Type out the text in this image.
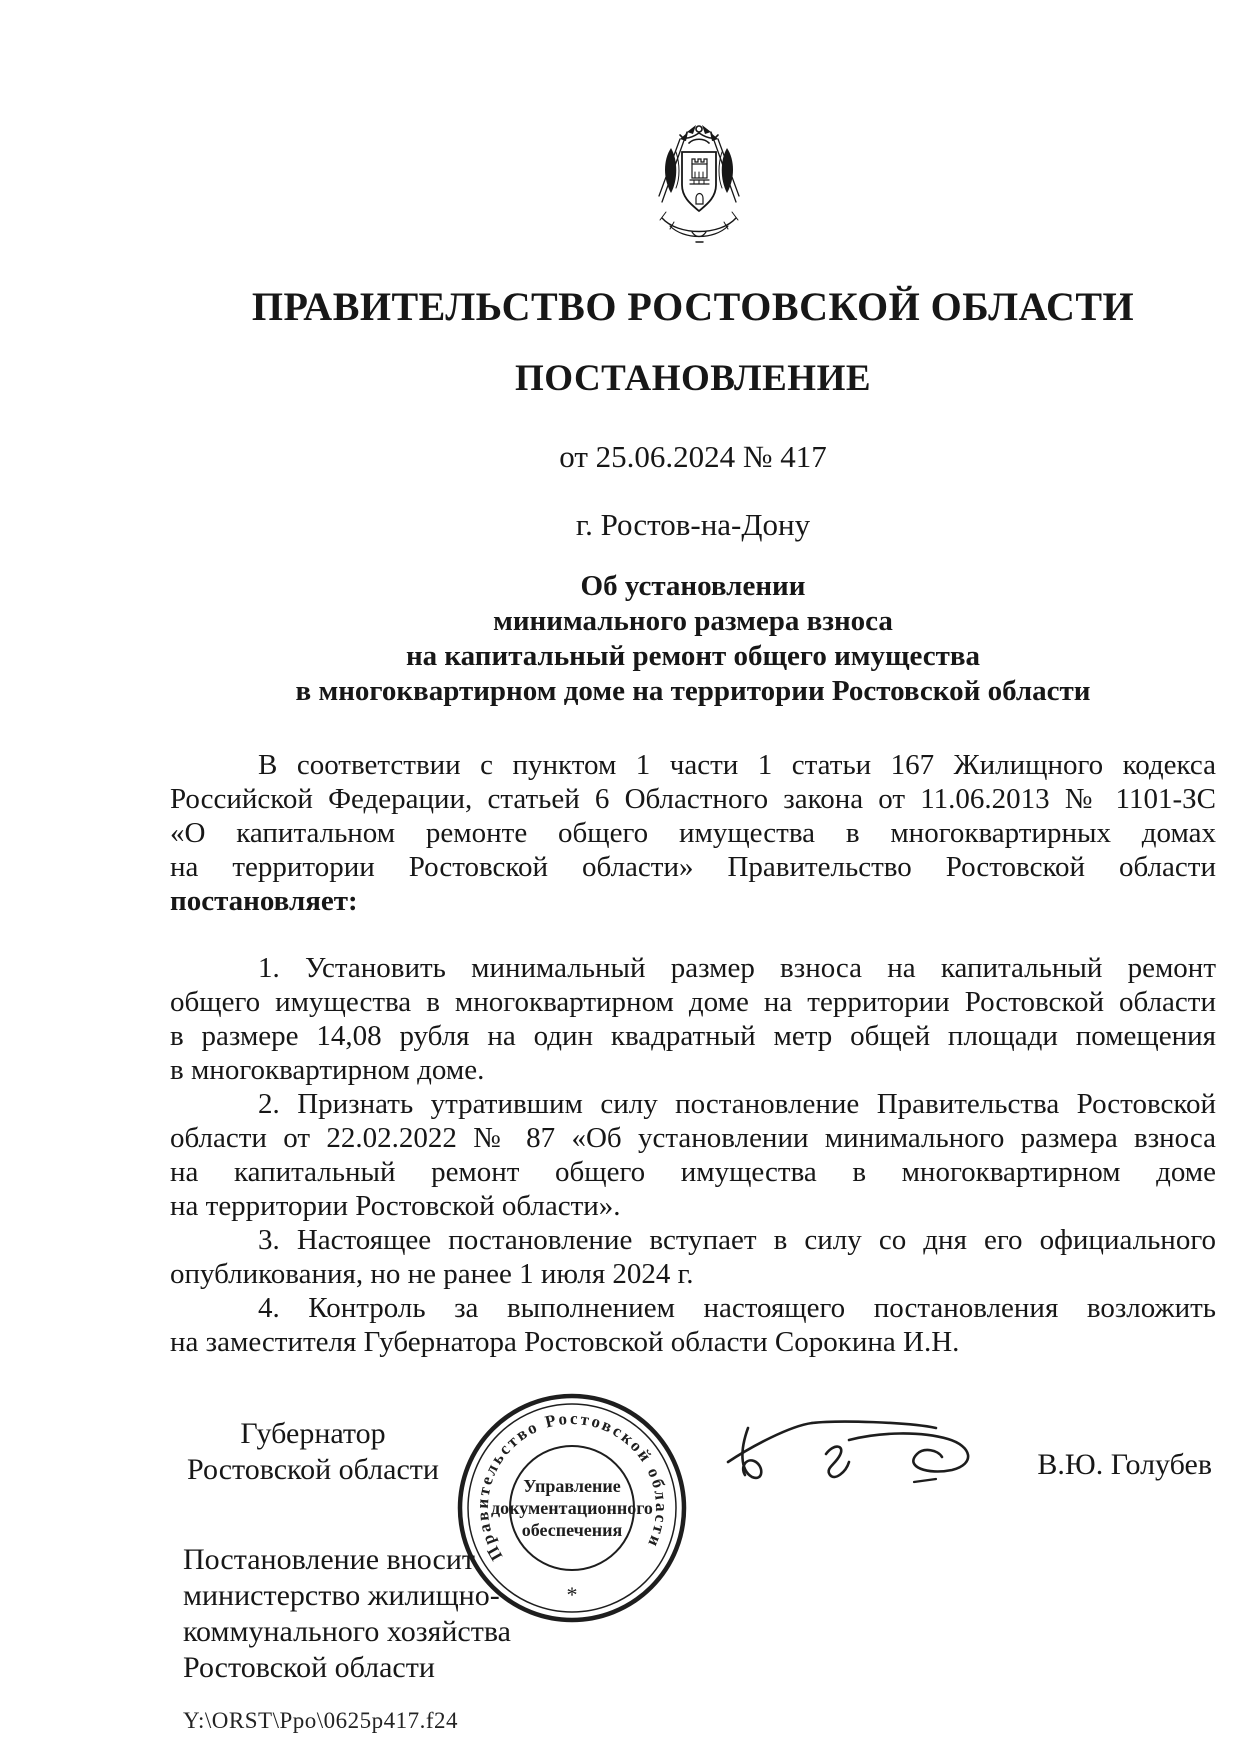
ПРАВИТЕЛЬСТВО РОСТОВСКОЙ ОБЛАСТИ
ПОСТАНОВЛЕНИЕ
от 25.06.2024 № 417
г. Ростов-на-Дону
Об установлении
минимального размера взноса
на капитальный ремонт общего имущества
в многоквартирном доме на территории Ростовской области
В соответствии с пунктом 1 части 1 статьи 167 Жилищного кодекса
Российской Федерации, статьей 6 Областного закона от 11.06.2013 № 1101-ЗС
«О капитальном ремонте общего имущества в многоквартирных домах
на территории Ростовской области» Правительство Ростовской области
постановляет:
1. Установить минимальный размер взноса на капитальный ремонт
общего имущества в многоквартирном доме на территории Ростовской области
в размере 14,08 рубля на один квадратный метр общей площади помещения
в многоквартирном доме.
2. Признать утратившим силу постановление Правительства Ростовской
области от 22.02.2022 № 87 «Об установлении минимального размера взноса
на капитальный ремонт общего имущества в многоквартирном доме
на территории Ростовской области».
3. Настоящее постановление вступает в силу со дня его официального
опубликования, но не ранее 1 июля 2024 г.
4. Контроль за выполнением настоящего постановления возложить
на заместителя Губернатора Ростовской области Сорокина И.Н.
Губернатор
Ростовской области	В.Ю. Голубев
Правительство Ростовской области
Управление
документационного
обеспечения
*
Постановление вносит
министерство жилищно-
коммунального хозяйства
Ростовской области
Y:\ORST\Ppo\0625p417.f24
